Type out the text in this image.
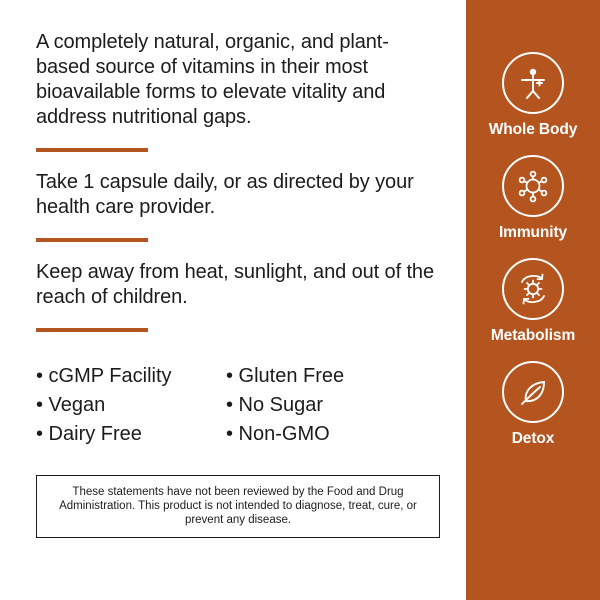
A completely natural, organic, and plant-based source of vitamins in their most bioavailable forms to elevate vitality and address nutritional gaps.
Take 1 capsule daily, or as directed by your health care provider.
Keep away from heat, sunlight, and out of the reach of children.
• cGMP Facility
• Vegan
• Dairy Free
• Gluten Free
• No Sugar
• Non-GMO
These statements have not been reviewed by the Food and Drug Administration. This product is not intended to diagnose, treat, cure, or prevent any disease.
Whole Body
Immunity
Metabolism
Detox
